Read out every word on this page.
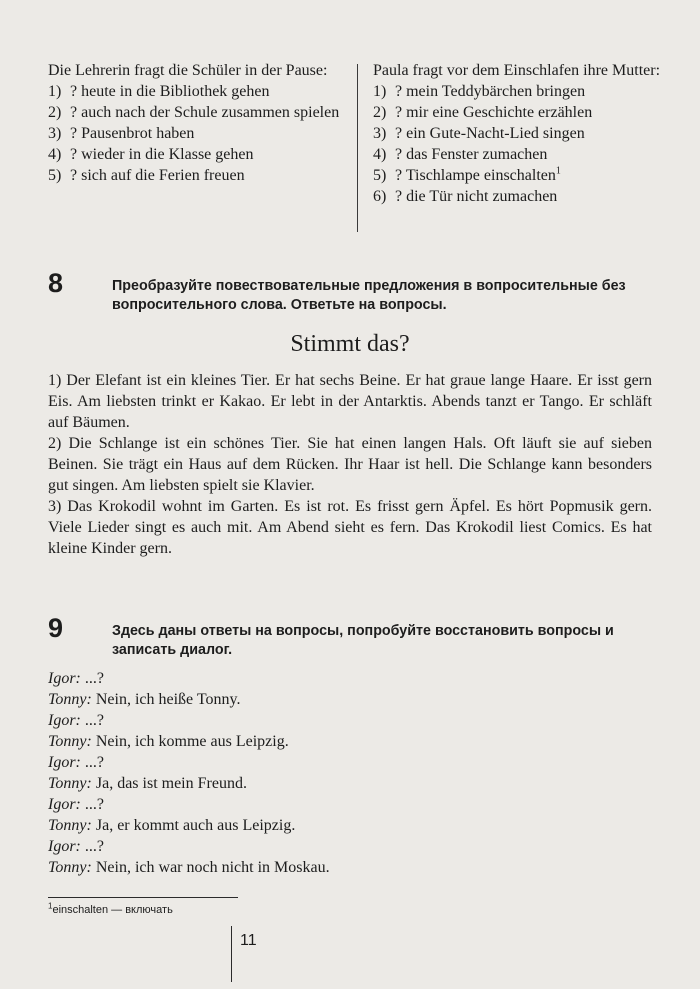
Die Lehrerin fragt die Schüler in der Pause:
1) ? heute in die Bibliothek gehen
2) ? auch nach der Schule zusammen spielen
3) ? Pausenbrot haben
4) ? wieder in die Klasse gehen
5) ? sich auf die Ferien freuen
Paula fragt vor dem Einschlafen ihre Mutter:
1) ? mein Teddybärchen bringen
2) ? mir eine Geschichte erzählen
3) ? ein Gute-Nacht-Lied singen
4) ? das Fenster zumachen
5) ? Tischlampe einschalten$^1$
6) ? die Tür nicht zumachen
8	Преобразуйте повествовательные предложения в вопросительные без вопросительного слова. Ответьте на вопросы.
Stimmt das?

1) Der Elefant ist ein kleines Tier. Er hat sechs Beine. Er hat graue lange Haare. Er isst gern Eis. Am liebsten trinkt er Kakao. Er lebt in der Antarktis. Abends tanzt er Tango. Er schläft auf Bäumen.

2) Die Schlange ist ein schönes Tier. Sie hat einen langen Hals. Oft läuft sie auf sieben Beinen. Sie trägt ein Haus auf dem Rücken. Ihr Haar ist hell. Die Schlange kann besonders gut singen. Am liebsten spielt sie Klavier.

3) Das Krokodil wohnt im Garten. Es ist rot. Es frisst gern Äpfel. Es hört Popmusik gern. Viele Lieder singt es auch mit. Am Abend sieht es fern. Das Krokodil liest Comics. Es hat kleine Kinder gern.

9	Здесь даны ответы на вопросы, попробуйте восстановить вопросы и записать диалог.
Igor: ...?
Tonny: Nein, ich heiße Tonny.
Igor: ...?
Tonny: Nein, ich komme aus Leipzig.
Igor: ...?
Tonny: Ja, das ist mein Freund.
Igor: ...?
Tonny: Ja, er kommt auch aus Leipzig.
Igor: ...?
Tonny: Nein, ich war noch nicht in Moskau.
$^1$einschalten — включать
11
